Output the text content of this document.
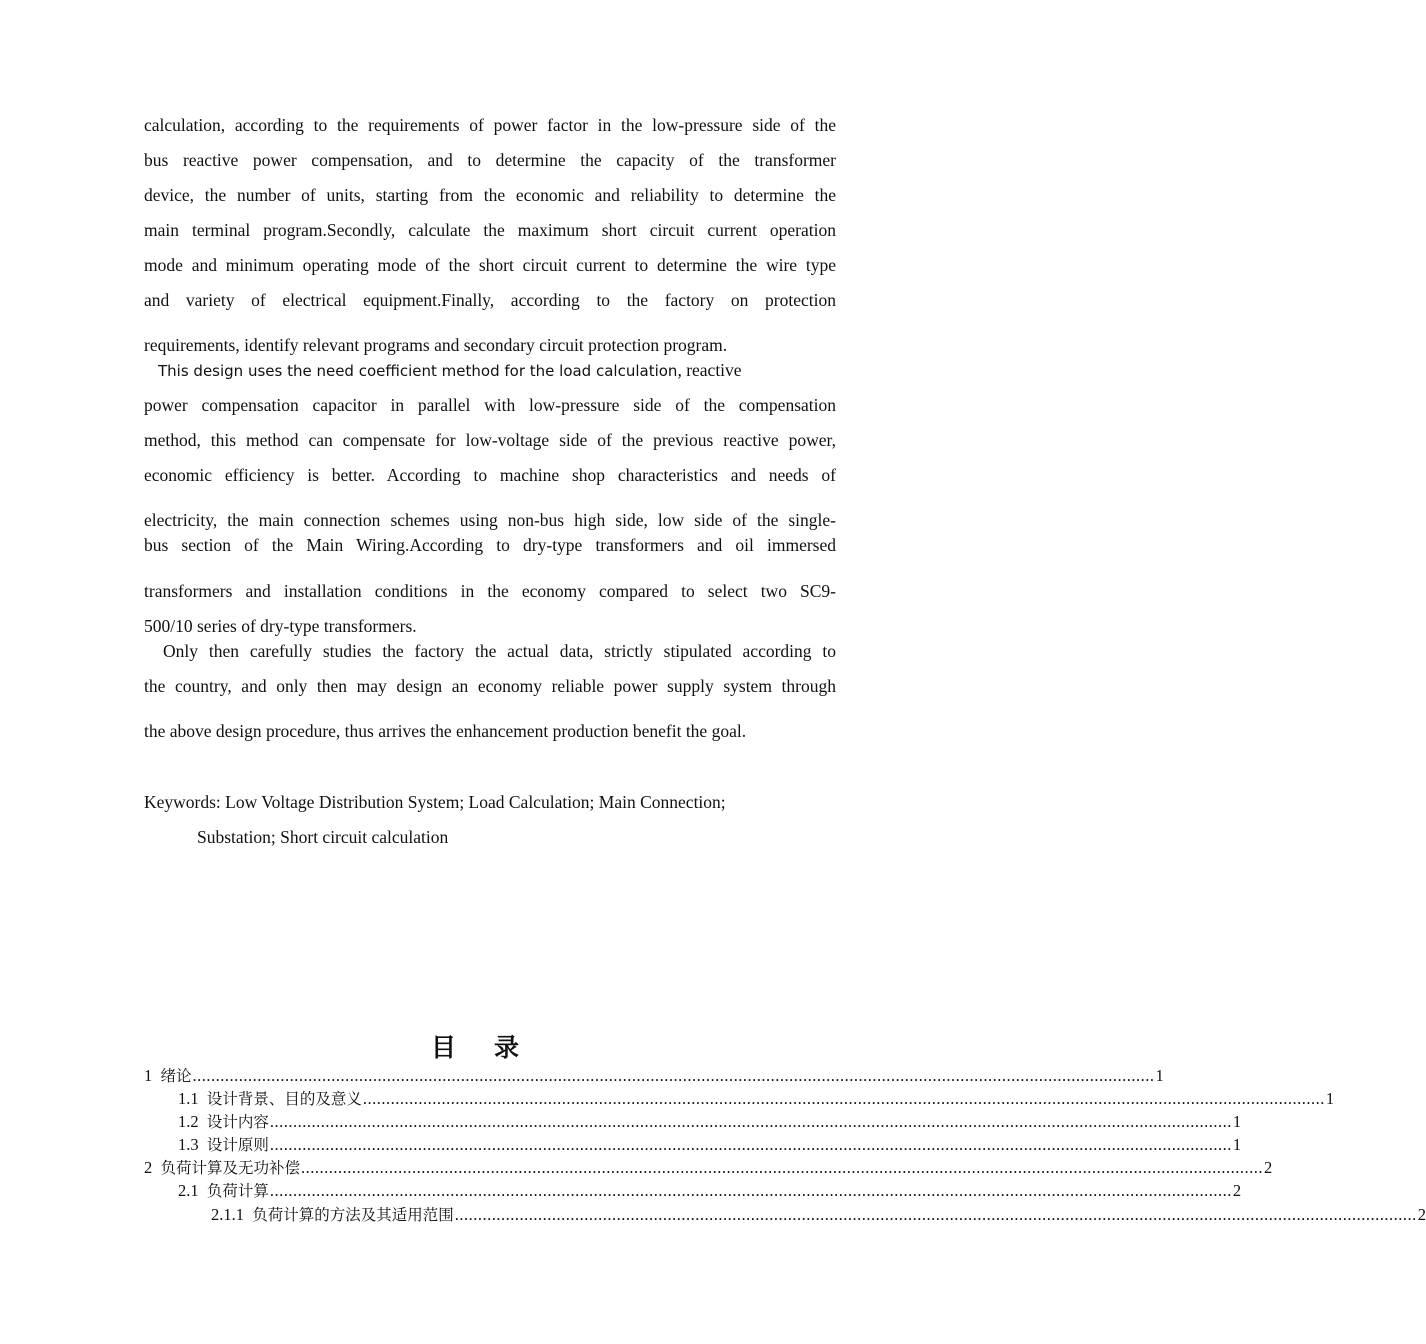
calculation, according to the requirements of power factor in the low-pressure side of the
bus reactive power compensation, and to determine the capacity of the transformer
device, the number of units, starting from the economic and reliability to determine the
main terminal program.Secondly, calculate the maximum short circuit current operation
mode and minimum operating mode of the short circuit current to determine the wire type
and variety of electrical equipment.Finally, according to the factory on protection
requirements, identify relevant programs and secondary circuit protection program.
This design uses the need coefficient method for the load calculation, reactive
power compensation capacitor in parallel with low-pressure side of the compensation
method, this method can compensate for low-voltage side of the previous reactive power,
economic efficiency is better. According to machine shop characteristics and needs of
electricity, the main connection schemes using non-bus high side, low side of the single-
bus section of the Main Wiring.According to dry-type transformers and oil immersed
transformers and installation conditions in the economy compared to select two SC9-
500/10 series of dry-type transformers.
Only then carefully studies the factory the actual data, strictly stipulated according to
the country, and only then may design an economy reliable power supply system through
the above design procedure, thus arrives the enhancement production benefit the goal.
Keywords: Low Voltage Distribution System; Load Calculation; Main Connection;
Substation; Short circuit calculation
目 录
1 绪论 ................................................................................................................................................................................................................ 1
1.1 设计背景、目的及意义 ................................................................................................................................................................................................................ 1
1.2 设计内容 ................................................................................................................................................................................................................ 1
1.3 设计原则 ................................................................................................................................................................................................................ 1
2 负荷计算及无功补偿 ................................................................................................................................................................................................................ 2
2.1 负荷计算 ................................................................................................................................................................................................................ 2
2.1.1 负荷计算的方法及其适用范围 ................................................................................................................................................................................................................ 2
